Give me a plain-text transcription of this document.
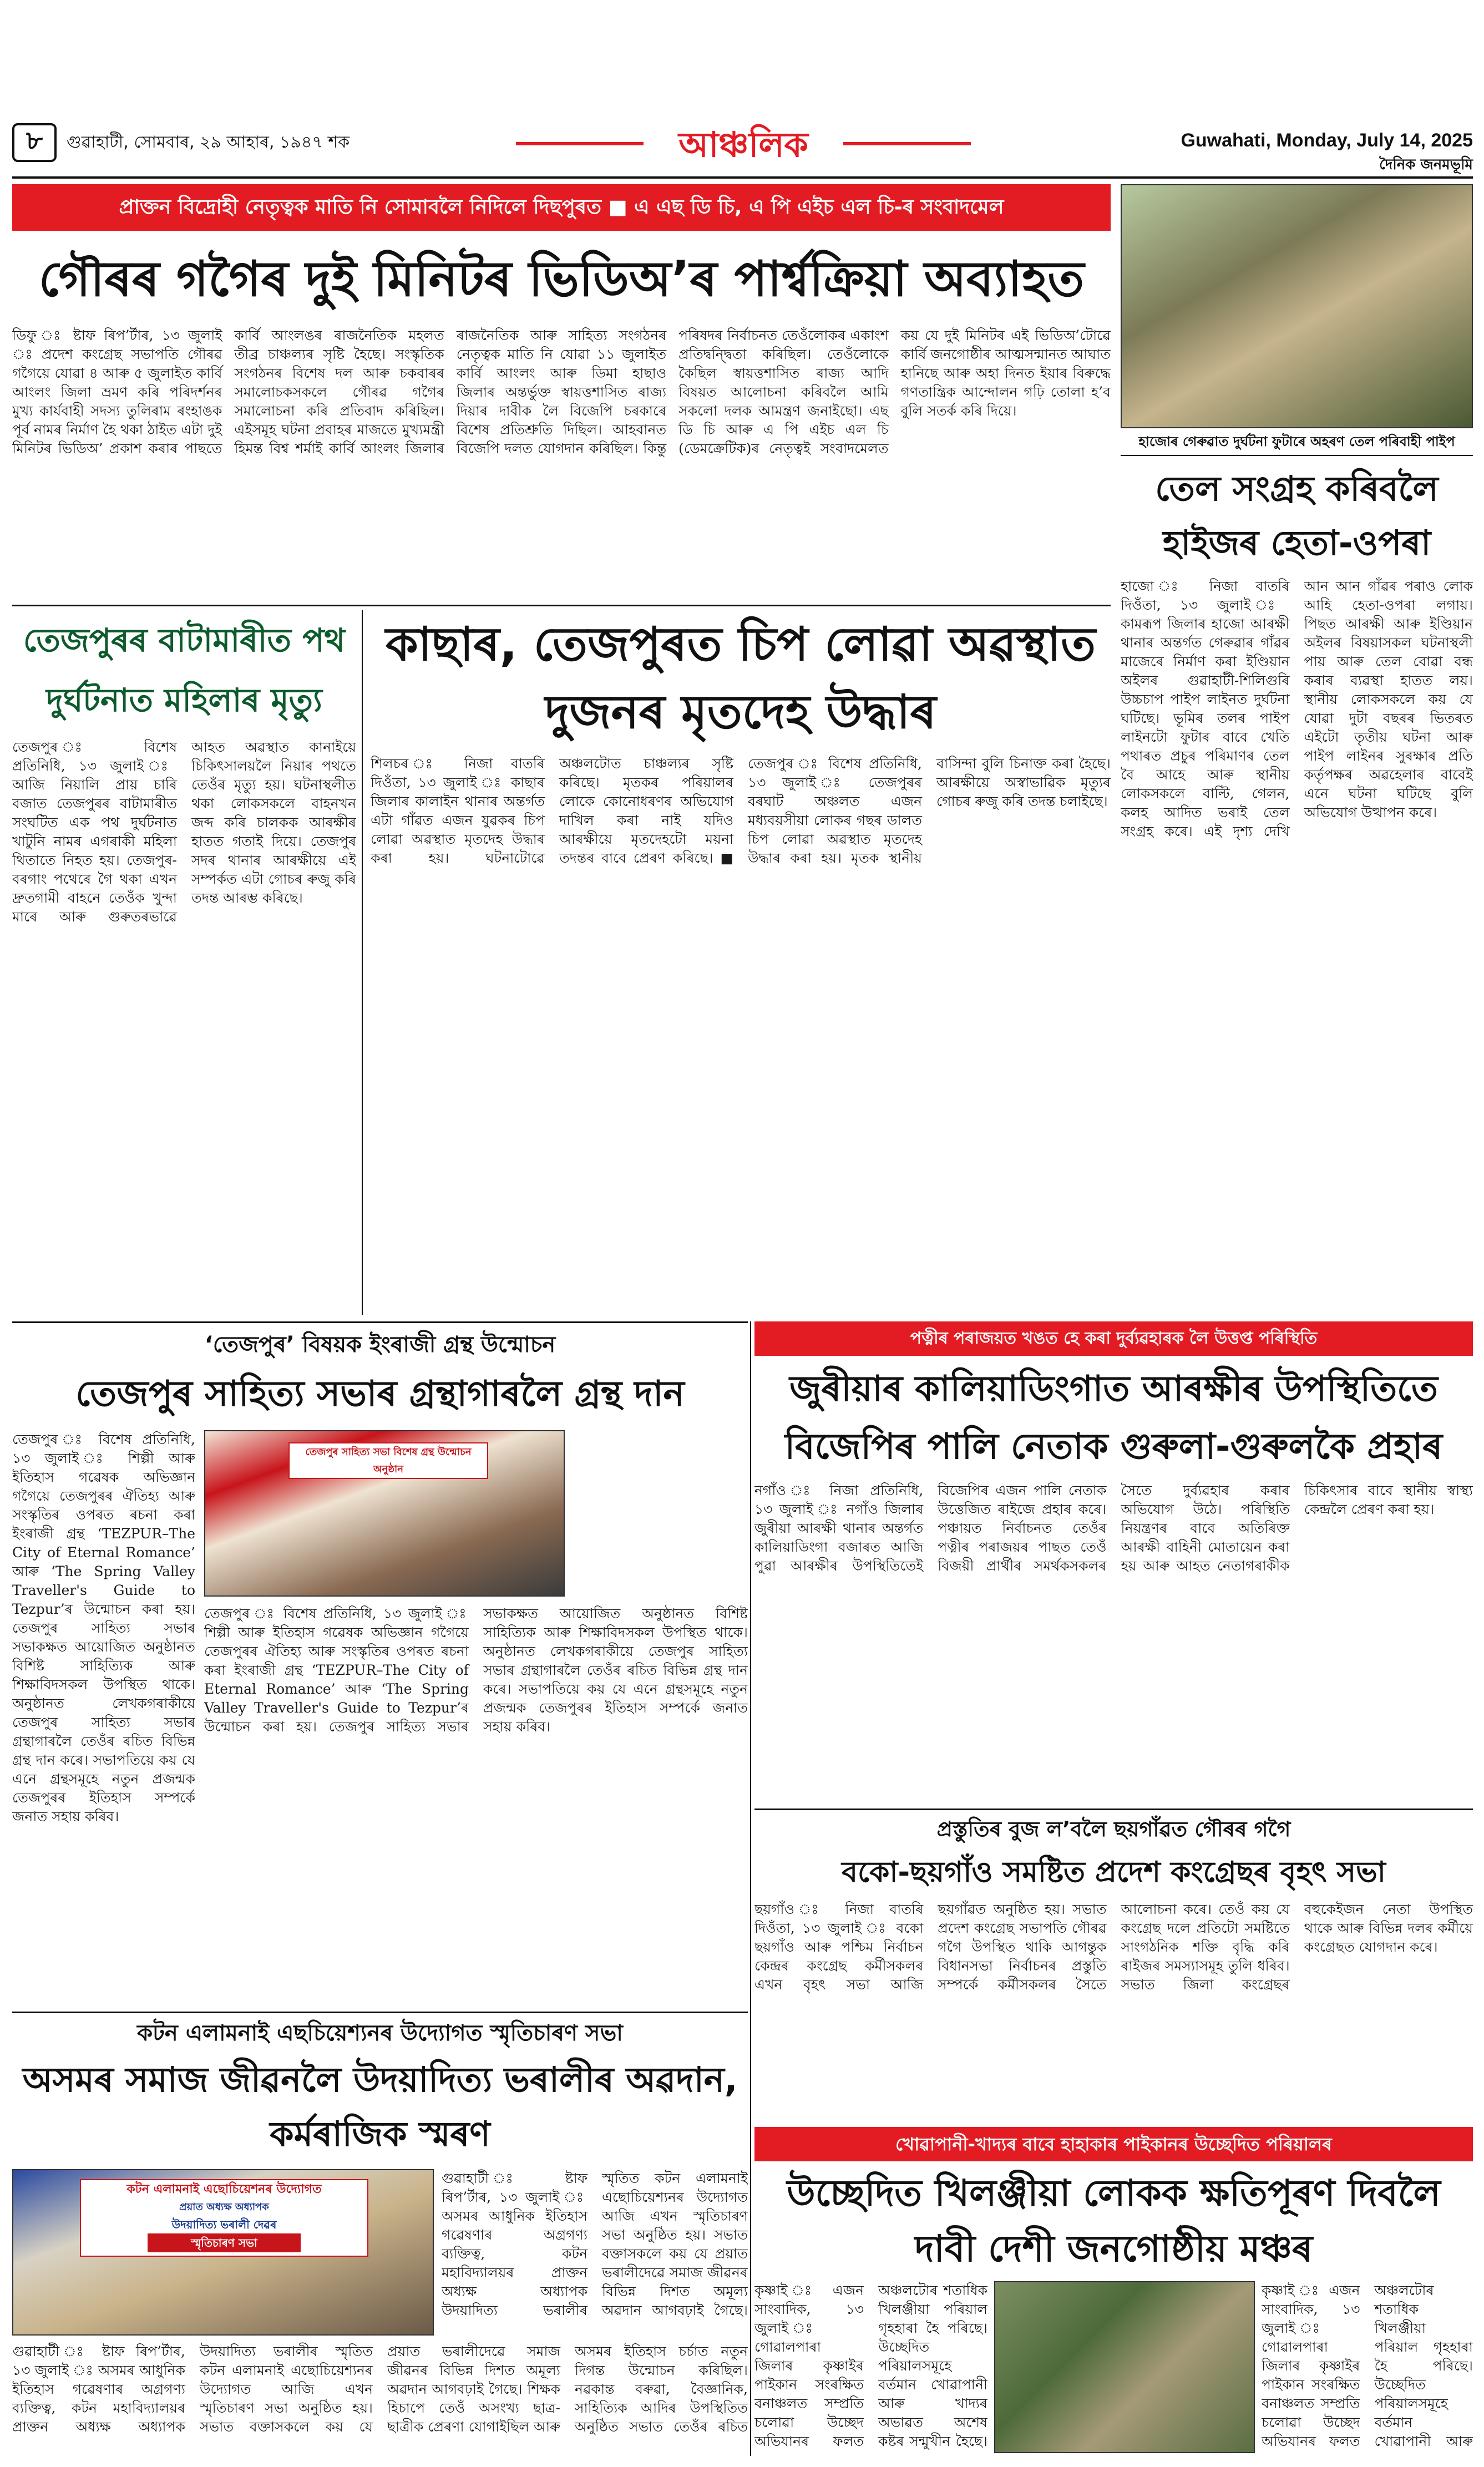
৮ গুৱাহাটী, সোমবাৰ, ২৯ আহাৰ, ১৯৪৭ শক	আঞ্চলিক	Guwahati, Monday, July 14, 2025
দৈনিক জনমভূমি
প্ৰাক্তন বিদ্ৰোহী নেতৃত্বক মাতি নি সোমাবলৈ নিদিলে দিছপুৰত ■ এ এছ ডি চি, এ পি এইচ এল চি-ৰ সংবাদমেল
গৌৰৰ গগৈৰ দুই মিনিটৰ ভিডিঅ’ৰ পাৰ্শ্বক্ৰিয়া অব্যাহত
ডিফু ঃ ষ্টাফ ৰিপ’ৰ্টাৰ, ১৩ জুলাই ঃ প্ৰদেশ কংগ্ৰেছ সভাপতি গৌৰৱ গগৈয়ে যোৱা ৪ আৰু ৫ জুলাইত কাৰ্বি আংলং জিলা ভ্ৰমণ কৰি পৰিদৰ্শনৰ মুখ্য কাৰ্যবাহী সদস্য তুলিৰাম ৰংহাঙক পূৰ্ব নামৰ নিৰ্মাণ হৈ থকা ঠাইত এটা দুই মিনিটৰ ভিডিঅ’ প্ৰকাশ কৰাৰ পাছতে কাৰ্বি আংলঙৰ ৰাজনৈতিক মহলত তীব্ৰ চাঞ্চল্যৰ সৃষ্টি হৈছে। সংস্কৃতিক সংগঠনৰ বিশেষ দল আৰু চকবাৰৰ সমালোচকসকলে গৌৰৱ গগৈৰ সমালোচনা কৰি প্ৰতিবাদ কৰিছিল। এইসমূহ ঘটনা প্ৰবাহৰ মাজতে মুখ্যমন্ত্ৰী হিমন্ত বিশ্ব শৰ্মাই কাৰ্বি আংলং জিলাৰ ৰাজনৈতিক আৰু সাহিত্য সংগঠনৰ নেতৃত্বক মাতি নি যোৱা ১১ জুলাইত কাৰ্বি আংলং আৰু ডিমা হাছাও জিলাৰ অন্তৰ্ভুক্ত স্বায়ত্তশাসিত ৰাজ্য দিয়াৰ দাবীক লৈ বিজেপি চৰকাৰে বিশেষ প্ৰতিশ্ৰুতি দিছিল। আহবানত বিজেপি দলত যোগদান কৰিছিল। কিন্তু পৰিষদৰ নিৰ্বাচনত তেওঁলোকৰ একাংশ প্ৰতিদ্বন্দ্বিতা কৰিছিল। তেওঁলোকে কৈছিল স্বায়ত্তশাসিত ৰাজ্য আদি বিষয়ত আলোচনা কৰিবলৈ আমি সকলো দলক আমন্ত্ৰণ জনাইছো। এছ ডি চি আৰু এ পি এইচ এল চি (ডেমক্ৰেটিক)ৰ নেতৃত্বই সংবাদমেলত কয় যে দুই মিনিটৰ এই ভিডিঅ’টোৱে কাৰ্বি জনগোষ্ঠীৰ আত্মসন্মানত আঘাত হানিছে আৰু অহা দিনত ইয়াৰ বিৰুদ্ধে গণতান্ত্ৰিক আন্দোলন গঢ়ি তোলা হ’ব বুলি সতৰ্ক কৰি দিয়ে।
হাজোৰ গেৰুৱাত দুৰ্ঘটনা ফুটাৰে অহৰণ তেল পৰিবাহী পাইপ
তেল সংগ্ৰহ কৰিবলৈ হাইজৰ হেতা-ওপৰা
হাজো ঃ নিজা বাতৰি দিওঁতা, ১৩ জুলাই ঃ কামৰূপ জিলাৰ হাজো আৰক্ষী থানাৰ অন্তৰ্গত গেৰুৱাৰ গাঁৱৰ মাজেৰে নিৰ্মাণ কৰা ইণ্ডিয়ান অইলৰ গুৱাহাটী-শিলিগুৰি উচ্চচাপ পাইপ লাইনত দুৰ্ঘটনা ঘটিছে। ভূমিৰ তলৰ পাইপ লাইনটো ফুটাৰ বাবে খেতি পথাৰত প্ৰচুৰ পৰিমাণৰ তেল বৈ আহে আৰু স্থানীয় লোকসকলে বাল্টি, গেলন, কলহ আদিত ভৰাই তেল সংগ্ৰহ কৰে। এই দৃশ্য দেখি আন আন গাঁৱৰ পৰাও লোক আহি হেতা-ওপৰা লগায়। পিছত আৰক্ষী আৰু ইণ্ডিয়ান অইলৰ বিষয়াসকল ঘটনাস্থলী পায় আৰু তেল বোৱা বন্ধ কৰাৰ ব্যৱস্থা হাতত লয়। স্থানীয় লোকসকলে কয় যে যোৱা দুটা বছৰৰ ভিতৰত এইটো তৃতীয় ঘটনা আৰু পাইপ লাইনৰ সুৰক্ষাৰ প্ৰতি কৰ্তৃপক্ষৰ অৱহেলাৰ বাবেই এনে ঘটনা ঘটিছে বুলি অভিযোগ উত্থাপন কৰে।
তেজপুৰৰ বাটামাৰীত পথ দুৰ্ঘটনাত মহিলাৰ মৃত্যু
তেজপুৰ ঃ বিশেষ প্ৰতিনিধি, ১৩ জুলাই ঃ আজি নিয়ালি প্ৰায় চাৰি বজাত তেজপুৰৰ বাটামাৰীত সংঘটিত এক পথ দুৰ্ঘটনাত খাটুনি নামৰ এগৰাকী মহিলা থিতাতে নিহত হয়। তেজপুৰ-বৰগাং পথেৰে গৈ থকা এখন দ্ৰুতগামী বাহনে তেওঁক খুন্দা মাৰে আৰু গুৰুতৰভাৱে আহত অৱস্থাত কানাইয়ে চিকিৎসালয়লৈ নিয়াৰ পথতে তেওঁৰ মৃত্যু হয়। ঘটনাস্থলীত থকা লোকসকলে বাহনখন জব্দ কৰি চালকক আৰক্ষীৰ হাতত গতাই দিয়ে। তেজপুৰ সদৰ থানাৰ আৰক্ষীয়ে এই সম্পৰ্কত এটা গোচৰ ৰুজু কৰি তদন্ত আৰম্ভ কৰিছে।
কাছাৰ, তেজপুৰত চিপ লোৱা অৱস্থাত দুজনৰ মৃতদেহ উদ্ধাৰ
শিলচৰ ঃ নিজা বাতৰি দিওঁতা, ১৩ জুলাই ঃ কাছাৰ জিলাৰ কালাইন থানাৰ অন্তৰ্গত এটা গাঁৱত এজন যুৱকৰ চিপ লোৱা অৱস্থাত মৃতদেহ উদ্ধাৰ কৰা হয়। ঘটনাটোৱে অঞ্চলটোত চাঞ্চল্যৰ সৃষ্টি কৰিছে। মৃতকৰ পৰিয়ালৰ লোকে কোনোধৰণৰ অভিযোগ দাখিল কৰা নাই যদিও আৰক্ষীয়ে মৃতদেহটো ময়না তদন্তৰ বাবে প্ৰেৰণ কৰিছে। ■ তেজপুৰ ঃ বিশেষ প্ৰতিনিধি, ১৩ জুলাই ঃ তেজপুৰৰ বৰঘাট অঞ্চলত এজন মধ্যবয়সীয়া লোকৰ গছৰ ডালত চিপ লোৱা অৱস্থাত মৃতদেহ উদ্ধাৰ কৰা হয়। মৃতক স্থানীয় বাসিন্দা বুলি চিনাক্ত কৰা হৈছে। আৰক্ষীয়ে অস্বাভাৱিক মৃত্যুৰ গোচৰ ৰুজু কৰি তদন্ত চলাইছে।
‘তেজপুৰ’ বিষয়ক ইংৰাজী গ্ৰন্থ উন্মোচন
তেজপুৰ সাহিত্য সভাৰ গ্ৰন্থাগাৰলৈ গ্ৰন্থ দান
তেজপুৰ ঃ বিশেষ প্ৰতিনিধি, ১৩ জুলাই ঃ শিল্পী আৰু ইতিহাস গৱেষক অভিজ্ঞান গগৈয়ে তেজপুৰৰ ঐতিহ্য আৰু সংস্কৃতিৰ ওপৰত ৰচনা কৰা ইংৰাজী গ্ৰন্থ ‘TEZPUR–The City of Eternal Romance’ আৰু ‘The Spring Valley Traveller's Guide to Tezpur’ৰ উন্মোচন কৰা হয়। তেজপুৰ সাহিত্য সভাৰ সভাকক্ষত আয়োজিত অনুষ্ঠানত বিশিষ্ট সাহিত্যিক আৰু শিক্ষাবিদসকল উপস্থিত থাকে। অনুষ্ঠানত লেখকগৰাকীয়ে তেজপুৰ সাহিত্য সভাৰ গ্ৰন্থাগাৰলৈ তেওঁৰ ৰচিত বিভিন্ন গ্ৰন্থ দান কৰে। সভাপতিয়ে কয় যে এনে গ্ৰন্থসমূহে নতুন প্ৰজন্মক তেজপুৰৰ ইতিহাস সম্পৰ্কে জনাত সহায় কৰিব।
তেজপুৰ সাহিত্য সভা বিশেষ গ্ৰন্থ উন্মোচন অনুষ্ঠান
তেজপুৰ ঃ বিশেষ প্ৰতিনিধি, ১৩ জুলাই ঃ শিল্পী আৰু ইতিহাস গৱেষক অভিজ্ঞান গগৈয়ে তেজপুৰৰ ঐতিহ্য আৰু সংস্কৃতিৰ ওপৰত ৰচনা কৰা ইংৰাজী গ্ৰন্থ ‘TEZPUR–The City of Eternal Romance’ আৰু ‘The Spring Valley Traveller's Guide to Tezpur’ৰ উন্মোচন কৰা হয়। তেজপুৰ সাহিত্য সভাৰ সভাকক্ষত আয়োজিত অনুষ্ঠানত বিশিষ্ট সাহিত্যিক আৰু শিক্ষাবিদসকল উপস্থিত থাকে। অনুষ্ঠানত লেখকগৰাকীয়ে তেজপুৰ সাহিত্য সভাৰ গ্ৰন্থাগাৰলৈ তেওঁৰ ৰচিত বিভিন্ন গ্ৰন্থ দান কৰে। সভাপতিয়ে কয় যে এনে গ্ৰন্থসমূহে নতুন প্ৰজন্মক তেজপুৰৰ ইতিহাস সম্পৰ্কে জনাত সহায় কৰিব।
পত্নীৰ পৰাজয়ত খঙত হে কৰা দুৰ্ব্যৱহাৰক লৈ উত্তপ্ত পৰিস্থিতি
জুৰীয়াৰ কালিয়াডিংগাত আৰক্ষীৰ উপস্থিতিতে বিজেপিৰ পালি নেতাক গুৰুলা-গুৰুলকৈ প্ৰহাৰ
নগাঁও ঃ নিজা প্ৰতিনিধি, ১৩ জুলাই ঃ নগাঁও জিলাৰ জুৰীয়া আৰক্ষী থানাৰ অন্তৰ্গত কালিয়াডিংগা বজাৰত আজি পুৱা আৰক্ষীৰ উপস্থিতিতেই বিজেপিৰ এজন পালি নেতাক উত্তেজিত ৰাইজে প্ৰহাৰ কৰে। পঞ্চায়ত নিৰ্বাচনত তেওঁৰ পত্নীৰ পৰাজয়ৰ পাছত তেওঁ বিজয়ী প্ৰাৰ্থীৰ সমৰ্থকসকলৰ সৈতে দুৰ্ব্যৱহাৰ কৰাৰ অভিযোগ উঠে। পৰিস্থিতি নিয়ন্ত্ৰণৰ বাবে অতিৰিক্ত আৰক্ষী বাহিনী মোতায়েন কৰা হয় আৰু আহত নেতাগৰাকীক চিকিৎসাৰ বাবে স্থানীয় স্বাস্থ্য কেন্দ্ৰলৈ প্ৰেৰণ কৰা হয়।
প্ৰস্তুতিৰ বুজ ল’বলৈ ছয়গাঁৱত গৌৰৰ গগৈ
বকো-ছয়গাঁও সমষ্টিত প্ৰদেশ কংগ্ৰেছৰ বৃহৎ সভা
ছয়গাঁও ঃ নিজা বাতৰি দিওঁতা, ১৩ জুলাই ঃ বকো ছয়গাঁও আৰু পশ্চিম নিৰ্বাচন কেন্দ্ৰৰ কংগ্ৰেছ কৰ্মীসকলৰ এখন বৃহৎ সভা আজি ছয়গাঁৱত অনুষ্ঠিত হয়। সভাত প্ৰদেশ কংগ্ৰেছ সভাপতি গৌৰৱ গগৈ উপস্থিত থাকি আগন্তুক বিধানসভা নিৰ্বাচনৰ প্ৰস্তুতি সম্পৰ্কে কৰ্মীসকলৰ সৈতে আলোচনা কৰে। তেওঁ কয় যে কংগ্ৰেছ দলে প্ৰতিটো সমষ্টিতে সাংগঠনিক শক্তি বৃদ্ধি কৰি ৰাইজৰ সমস্যাসমূহ তুলি ধৰিব। সভাত জিলা কংগ্ৰেছৰ বহুকেইজন নেতা উপস্থিত থাকে আৰু বিভিন্ন দলৰ কৰ্মীয়ে কংগ্ৰেছত যোগদান কৰে।
কটন এলামনাই এছচিয়েশ্যনৰ উদ্যোগত স্মৃতিচাৰণ সভা
অসমৰ সমাজ জীৱনলৈ উদয়াদিত্য ভৰালীৰ অৱদান, কৰ্মৰাজিক স্মৰণ
কটন এলামনাই এছোচিয়েশনৰ উদ্যোগত
প্ৰয়াত অধ্যক্ষ অধ্যাপক
উদয়াদিত্য ভৰালী দেৱৰ
স্মৃতিচাৰণ সভা
গুৱাহাটী ঃ ষ্টাফ ৰিপ’ৰ্টাৰ, ১৩ জুলাই ঃ অসমৰ আধুনিক ইতিহাস গৱেষণাৰ অগ্ৰগণ্য ব্যক্তিত্ব, কটন মহাবিদ্যালয়ৰ প্ৰাক্তন অধ্যক্ষ অধ্যাপক উদয়াদিত্য ভৰালীৰ স্মৃতিত কটন এলামনাই এছোচিয়েশ্যনৰ উদ্যোগত আজি এখন স্মৃতিচাৰণ সভা অনুষ্ঠিত হয়। সভাত বক্তাসকলে কয় যে প্ৰয়াত ভৰালীদেৱে সমাজ জীৱনৰ বিভিন্ন দিশত অমূল্য অৱদান আগবঢ়াই গৈছে।
গুৱাহাটী ঃ ষ্টাফ ৰিপ’ৰ্টাৰ, ১৩ জুলাই ঃ অসমৰ আধুনিক ইতিহাস গৱেষণাৰ অগ্ৰগণ্য ব্যক্তিত্ব, কটন মহাবিদ্যালয়ৰ প্ৰাক্তন অধ্যক্ষ অধ্যাপক উদয়াদিত্য ভৰালীৰ স্মৃতিত কটন এলামনাই এছোচিয়েশ্যনৰ উদ্যোগত আজি এখন স্মৃতিচাৰণ সভা অনুষ্ঠিত হয়। সভাত বক্তাসকলে কয় যে প্ৰয়াত ভৰালীদেৱে সমাজ জীৱনৰ বিভিন্ন দিশত অমূল্য অৱদান আগবঢ়াই গৈছে। শিক্ষক হিচাপে তেওঁ অসংখ্য ছাত্ৰ-ছাত্ৰীক প্ৰেৰণা যোগাইছিল আৰু অসমৰ ইতিহাস চৰ্চাত নতুন দিগন্ত উন্মোচন কৰিছিল। নৱকান্ত বৰুৱা, বৈজ্ঞানিক, সাহিত্যিক আদিৰ উপস্থিতিত অনুষ্ঠিত সভাত তেওঁৰ ৰচিত
খোৱাপানী-খাদ্যৰ বাবে হাহাকাৰ পাইকানৰ উচ্ছেদিত পৰিয়ালৰ
উচ্ছেদিত খিলঞ্জীয়া লোকক ক্ষতিপূৰণ দিবলৈ দাবী দেশী জনগোষ্ঠীয় মঞ্চৰ
কৃষ্ণাই ঃ এজন সাংবাদিক, ১৩ জুলাই ঃ গোৱালপাৰা জিলাৰ কৃষ্ণাইৰ পাইকান সংৰক্ষিত বনাঞ্চলত সম্প্ৰতি চলোৱা উচ্ছেদ অভিযানৰ ফলত অঞ্চলটোৰ শতাধিক খিলঞ্জীয়া পৰিয়াল গৃহহাৰা হৈ পৰিছে। উচ্ছেদিত পৰিয়ালসমূহে বৰ্তমান খোৱাপানী আৰু খাদ্যৰ অভাৱত অশেষ কষ্টৰ সন্মুখীন হৈছে।
কৃষ্ণাই ঃ এজন সাংবাদিক, ১৩ জুলাই ঃ গোৱালপাৰা জিলাৰ কৃষ্ণাইৰ পাইকান সংৰক্ষিত বনাঞ্চলত সম্প্ৰতি চলোৱা উচ্ছেদ অভিযানৰ ফলত অঞ্চলটোৰ শতাধিক খিলঞ্জীয়া পৰিয়াল গৃহহাৰা হৈ পৰিছে। উচ্ছেদিত পৰিয়ালসমূহে বৰ্তমান খোৱাপানী আৰু
